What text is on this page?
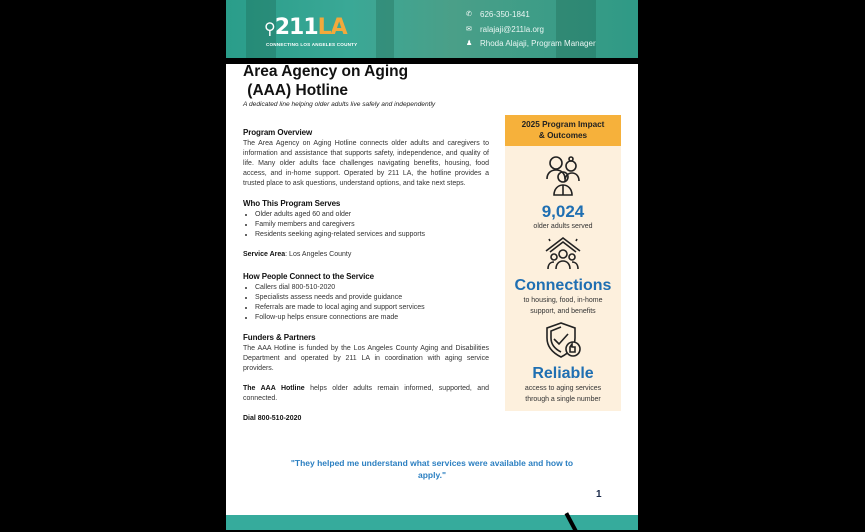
⚲211LA
CONNECTING LOS ANGELES COUNTY
✆	626-350-1841
✉	ralajaji@211la.org
♟ Rhoda Alajaji, Program Manager
Area Agency on Aging
(AAA) Hotline
A dedicated line helping older adults live safely and independently
Program Overview

The Area Agency on Aging Hotline connects older adults and caregivers to information and assistance that supports safety, independence, and quality of life. Many older adults face challenges navigating benefits, housing, food access, and in-home support. Operated by 211 LA, the hotline provides a trusted place to ask questions, understand options, and take next steps.

Who This Program Serves
• Older adults aged 60 and older
• Family members and caregivers
• Residents seeking aging-related services and supports
Service Area: Los Angeles County
How People Connect to the Service
• Callers dial 800-510-2020
• Specialists assess needs and provide guidance
• Referrals are made to local aging and support services
• Follow-up helps ensure connections are made
Funders & Partners

The AAA Hotline is funded by the Los Angeles County Aging and Disabilities Department and operated by 211 LA in coordination with aging service providers.

The AAA Hotline helps older adults remain informed, supported, and connected.

Dial 800-510-2020
2025 Program Impact
& Outcomes
9,024
older adults served
Connections
to housing, food, in-home
support, and benefits
Reliable
access to aging services
through a single number
"They helped me understand what services were available and how to apply."
1
